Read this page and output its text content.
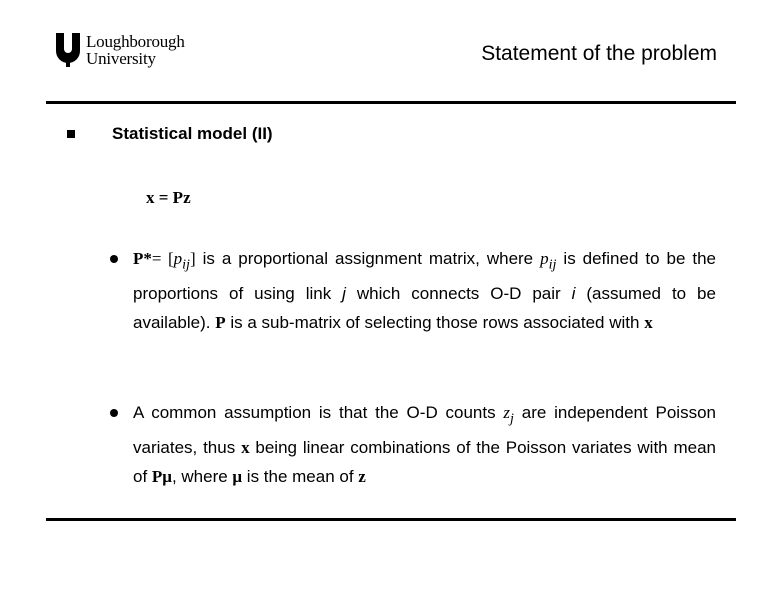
Loughborough
University	Statement of the problem
Statistical model (II)
x = Pz
$P*= [p_{ij}]$ is a proportional assignment matrix, where $p_{ij}$ is defined to be the proportions of using link j which connects O-D pair i (assumed to be available). P is a sub-matrix of selecting those rows associated with x
A common assumption is that the O-D counts $z_j$ are independent Poisson variates, thus x being linear combinations of the Poisson variates with mean of Pμ, where μ is the mean of z
